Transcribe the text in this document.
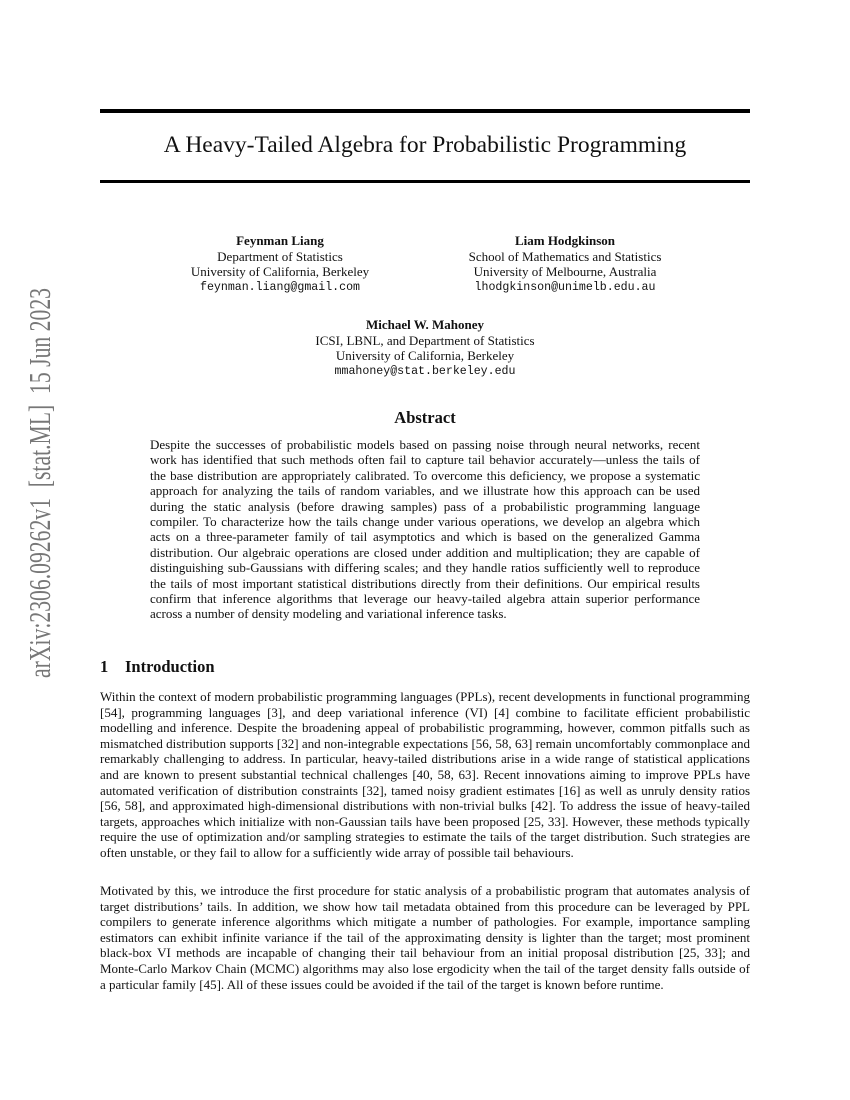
arXiv:2306.09262v1  [stat.ML]  15 Jun 2023	A Heavy-Tailed Algebra for Probabilistic Programming
Feynman Liang
Department of Statistics
University of California, Berkeley
feynman.liang@gmail.com
Liam Hodgkinson
School of Mathematics and Statistics
University of Melbourne, Australia
lhodgkinson@unimelb.edu.au
Michael W. Mahoney
ICSI, LBNL, and Department of Statistics
University of California, Berkeley
mmahoney@stat.berkeley.edu
Abstract

Despite the successes of probabilistic models based on passing noise through neural networks, recent work has identified that such methods often fail to capture tail behavior accurately—unless the tails of the base distribution are appropriately calibrated. To overcome this deficiency, we propose a systematic approach for analyzing the tails of random variables, and we illustrate how this approach can be used during the static analysis (before drawing samples) pass of a probabilistic programming language compiler. To characterize how the tails change under various operations, we develop an algebra which acts on a three-parameter family of tail asymptotics and which is based on the generalized Gamma distribution. Our algebraic operations are closed under addition and multiplication; they are capable of distinguishing sub-Gaussians with differing scales; and they handle ratios sufficiently well to reproduce the tails of most important statistical distributions directly from their definitions. Our empirical results confirm that inference algorithms that leverage our heavy-tailed algebra attain superior performance across a number of density modeling and variational inference tasks.

1 Introduction

Within the context of modern probabilistic programming languages (PPLs), recent developments in functional programming [54], programming languages [3], and deep variational inference (VI) [4] combine to facilitate efficient probabilistic modelling and inference. Despite the broadening appeal of probabilistic programming, however, common pitfalls such as mismatched distribution supports [32] and non-integrable expectations [56, 58, 63] remain uncomfortably commonplace and remarkably challenging to address. In particular, heavy-tailed distributions arise in a wide range of statistical applications and are known to present substantial technical challenges [40, 58, 63]. Recent innovations aiming to improve PPLs have automated verification of distribution constraints [32], tamed noisy gradient estimates [16] as well as unruly density ratios [56, 58], and approximated high-dimensional distributions with non-trivial bulks [42]. To address the issue of heavy-tailed targets, approaches which initialize with non-Gaussian tails have been proposed [25, 33]. However, these methods typically require the use of optimization and/or sampling strategies to estimate the tails of the target distribution. Such strategies are often unstable, or they fail to allow for a sufficiently wide array of possible tail behaviours.

Motivated by this, we introduce the first procedure for static analysis of a probabilistic program that automates analysis of target distributions’ tails. In addition, we show how tail metadata obtained from this procedure can be leveraged by PPL compilers to generate inference algorithms which mitigate a number of pathologies. For example, importance sampling estimators can exhibit infinite variance if the tail of the approximating density is lighter than the target; most prominent black-box VI methods are incapable of changing their tail behaviour from an initial proposal distribution [25, 33]; and Monte-Carlo Markov Chain (MCMC) algorithms may also lose ergodicity when the tail of the target density falls outside of a particular family [45]. All of these issues could be avoided if the tail of the target is known before runtime.
